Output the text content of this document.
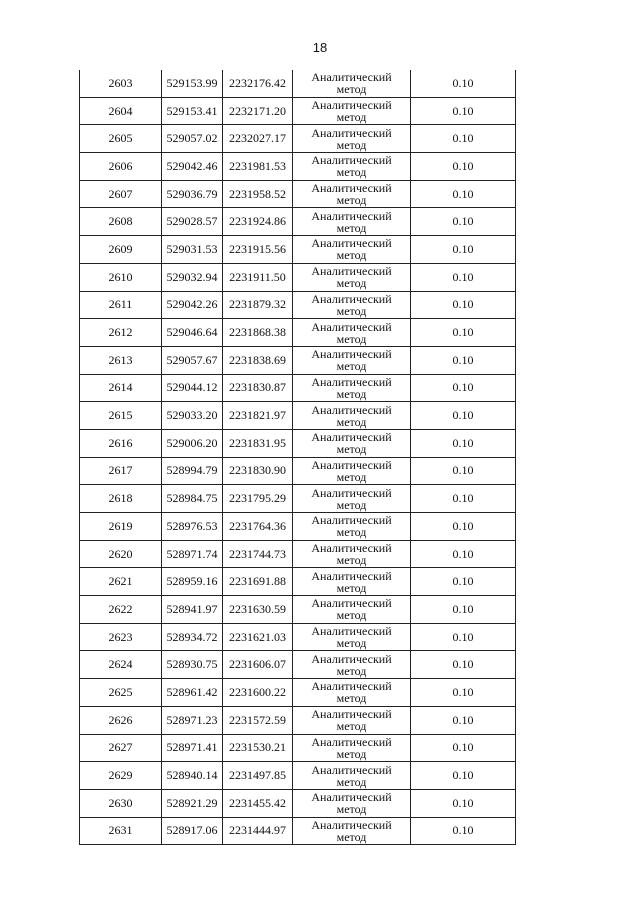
18
2603	529153.99	2232176.42	Аналитический
метод	0.10
2604	529153.41	2232171.20	Аналитический
метод	0.10
2605	529057.02	2232027.17	Аналитический
метод	0.10
2606	529042.46	2231981.53	Аналитический
метод	0.10
2607	529036.79	2231958.52	Аналитический
метод	0.10
2608	529028.57	2231924.86	Аналитический
метод	0.10
2609	529031.53	2231915.56	Аналитический
метод	0.10
2610	529032.94	2231911.50	Аналитический
метод	0.10
2611	529042.26	2231879.32	Аналитический
метод	0.10
2612	529046.64	2231868.38	Аналитический
метод	0.10
2613	529057.67	2231838.69	Аналитический
метод	0.10
2614	529044.12	2231830.87	Аналитический
метод	0.10
2615	529033.20	2231821.97	Аналитический
метод	0.10
2616	529006.20	2231831.95	Аналитический
метод	0.10
2617	528994.79	2231830.90	Аналитический
метод	0.10
2618	528984.75	2231795.29	Аналитический
метод	0.10
2619	528976.53	2231764.36	Аналитический
метод	0.10
2620	528971.74	2231744.73	Аналитический
метод	0.10
2621	528959.16	2231691.88	Аналитический
метод	0.10
2622	528941.97	2231630.59	Аналитический
метод	0.10
2623	528934.72	2231621.03	Аналитический
метод	0.10
2624	528930.75	2231606.07	Аналитический
метод	0.10
2625	528961.42	2231600.22	Аналитический
метод	0.10
2626	528971.23	2231572.59	Аналитический
метод	0.10
2627	528971.41	2231530.21	Аналитический
метод	0.10
2629	528940.14	2231497.85	Аналитический
метод	0.10
2630	528921.29	2231455.42	Аналитический
метод	0.10
2631	528917.06	2231444.97	Аналитический
метод	0.10
